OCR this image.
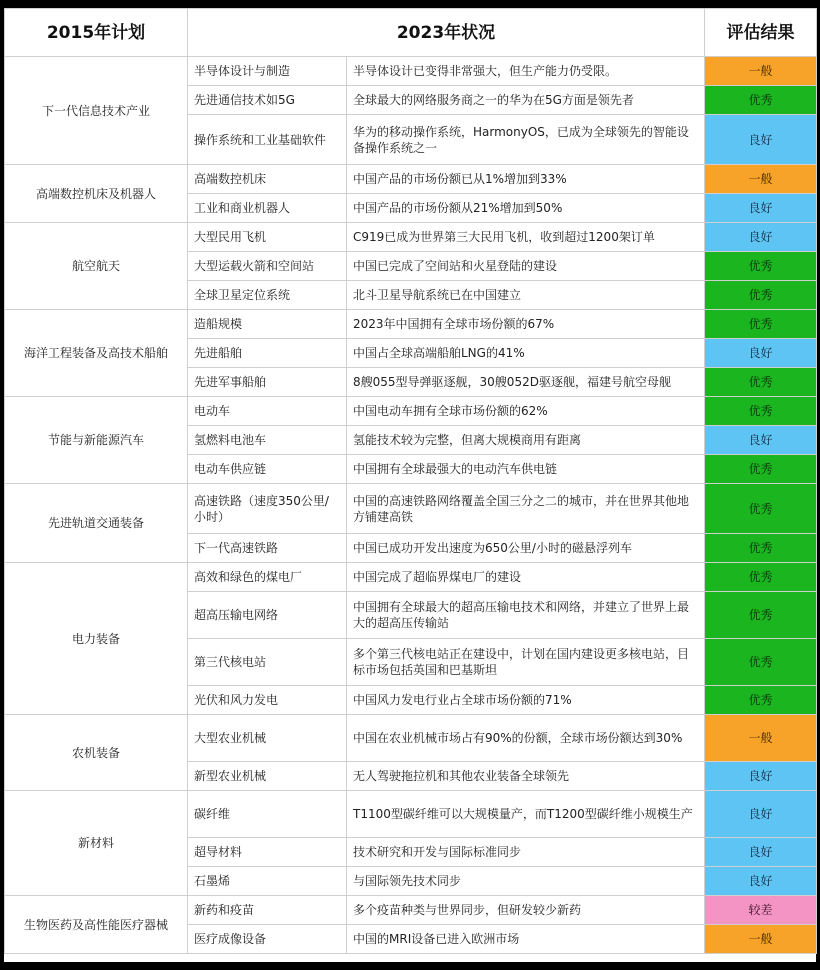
2015年计划	2023年状况		评估结果
下一代信息技术产业	半导体设计与制造	半导体设计已变得非常强大，但生产能力仍受限。	一般
	先进通信技术如5G	全球最大的网络服务商之一的华为在5G方面是领先者	优秀
	操作系统和工业基础软件	华为的移动操作系统，HarmonyOS，已成为全球领先的智能设备操作系统之一	良好
高端数控机床及机器人	高端数控机床	中国产品的市场份额已从1%增加到33%	一般
	工业和商业机器人	中国产品的市场份额从21%增加到50%	良好
航空航天	大型民用飞机	C919已成为世界第三大民用飞机，收到超过1200架订单	良好
	大型运载火箭和空间站	中国已完成了空间站和火星登陆的建设	优秀
	全球卫星定位系统	北斗卫星导航系统已在中国建立	优秀
海洋工程装备及高技术船舶	造船规模	2023年中国拥有全球市场份额的67%	优秀
	先进船舶	中国占全球高端船舶LNG的41%	良好
	先进军事船舶	8艘055型导弹驱逐舰，30艘052D驱逐舰，福建号航空母舰	优秀
节能与新能源汽车	电动车	中国电动车拥有全球市场份额的62%	优秀
	氢燃料电池车	氢能技术较为完整，但离大规模商用有距离	良好
	电动车供应链	中国拥有全球最强大的电动汽车供电链	优秀
先进轨道交通装备	高速铁路（速度350公里/小时）	中国的高速铁路网络覆盖全国三分之二的城市，并在世界其他地方铺建高铁	优秀
	下一代高速铁路	中国已成功开发出速度为650公里/小时的磁悬浮列车	优秀
电力装备	高效和绿色的煤电厂	中国完成了超临界煤电厂的建设	优秀
	超高压输电网络	中国拥有全球最大的超高压输电技术和网络，并建立了世界上最大的超高压传输站	优秀
	第三代核电站	多个第三代核电站正在建设中，计划在国内建设更多核电站，目标市场包括英国和巴基斯坦	优秀
	光伏和风力发电	中国风力发电行业占全球市场份额的71%	优秀
农机装备	大型农业机械	中国在农业机械市场占有90%的份额，全球市场份额达到30%	一般
	新型农业机械	无人驾驶拖拉机和其他农业装备全球领先	良好
新材料	碳纤维	T1100型碳纤维可以大规模量产，而T1200型碳纤维小规模生产	良好
	超导材料	技术研究和开发与国际标准同步	良好
	石墨烯	与国际领先技术同步	良好
生物医药及高性能医疗器械	新药和疫苗	多个疫苗种类与世界同步，但研发较少新药	较差
	医疗成像设备	中国的MRI设备已进入欧洲市场	一般
